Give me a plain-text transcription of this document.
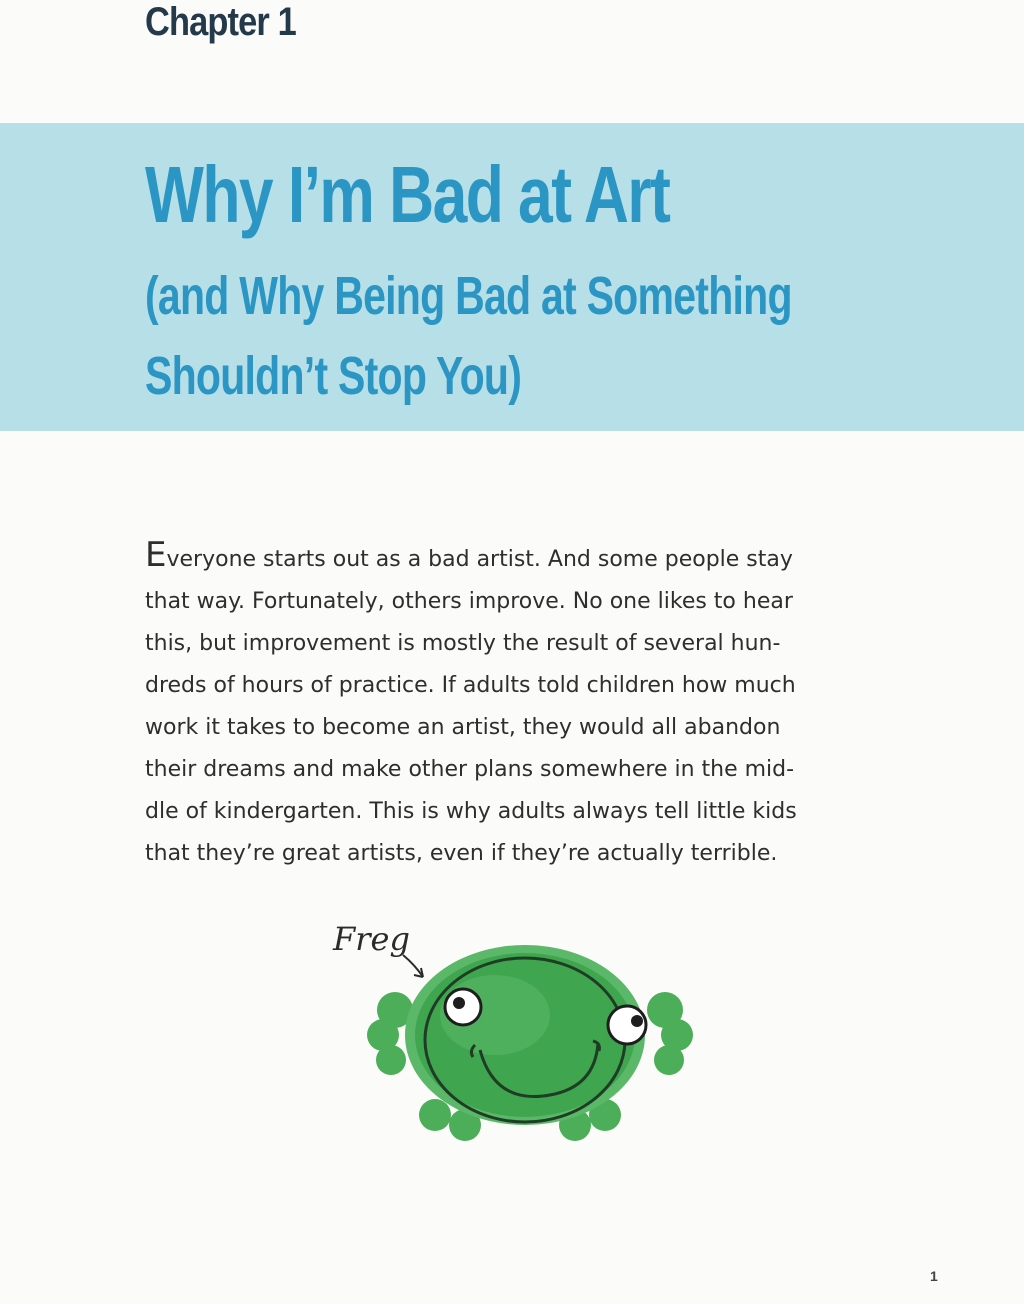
Chapter 1
Why I’m Bad at Art
(and Why Being Bad at Something
Shouldn’t Stop You)
Everyone starts out as a bad artist. And some people stay
that way. Fortunately, others improve. No one likes to hear
this, but improvement is mostly the result of several hun-
dreds of hours of practice. If adults told children how much
work it takes to become an artist, they would all abandon
their dreams and make other plans somewhere in the mid-
dle of kindergarten. This is why adults always tell little kids
that they’re great artists, even if they’re actually terrible.
Freg
1
